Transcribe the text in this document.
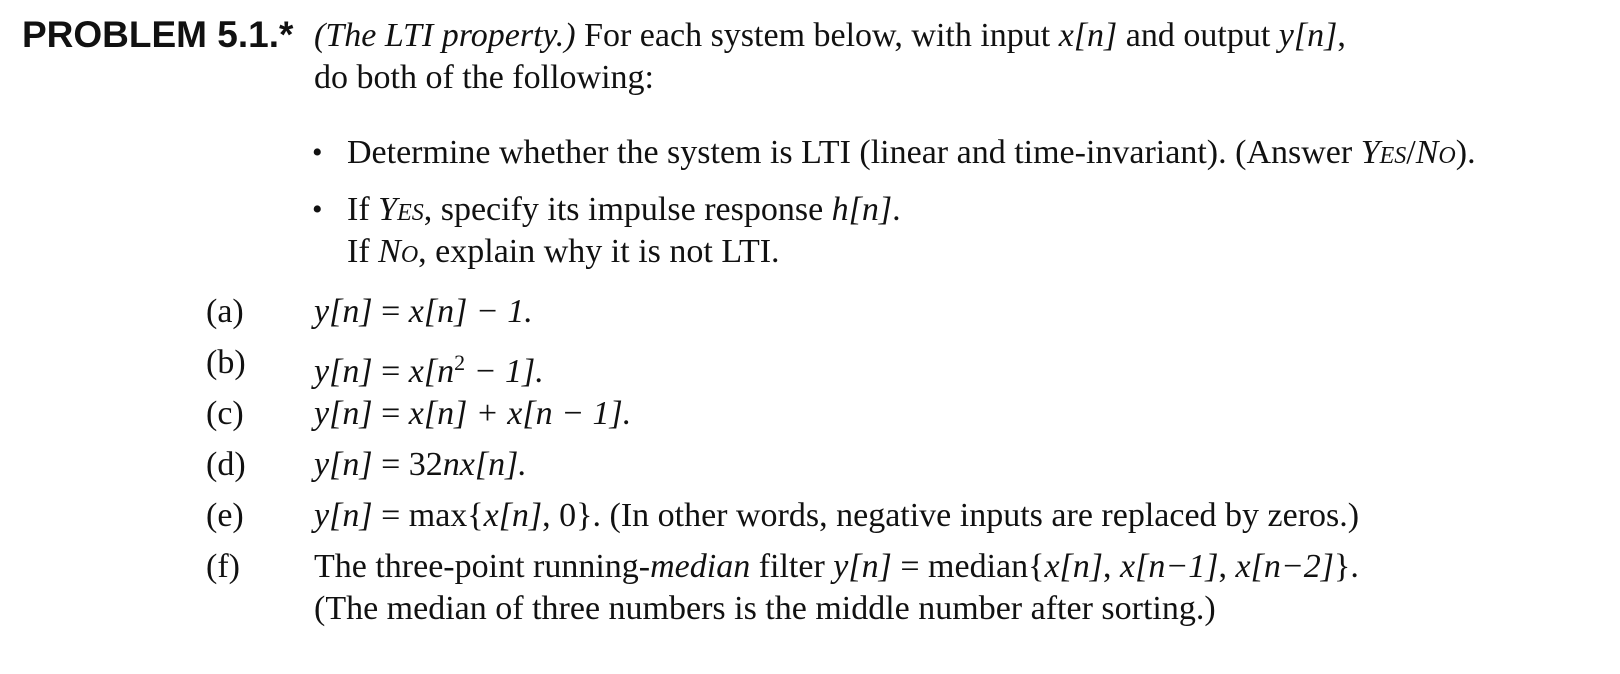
PROBLEM 5.1.* (The LTI property.) For each system below, with input x[n] and output y[n],
do both of the following:
• Determine whether the system is LTI (linear and time-invariant). (Answer Yes/No).
• If Yes, specify its impulse response h[n].
If No, explain why it is not LTI.
(a) y[n] = x[n] − 1.
(b) $y[n] = x[n^2 - 1]$.
(c) y[n] = x[n] + x[n − 1].
(d) y[n] = 32nx[n].
(e) y[n] = max{x[n], 0}. (In other words, negative inputs are replaced by zeros.)
(f) The three-point running-median filter y[n] = median{x[n], x[n−1], x[n−2]}.
(The median of three numbers is the middle number after sorting.)
